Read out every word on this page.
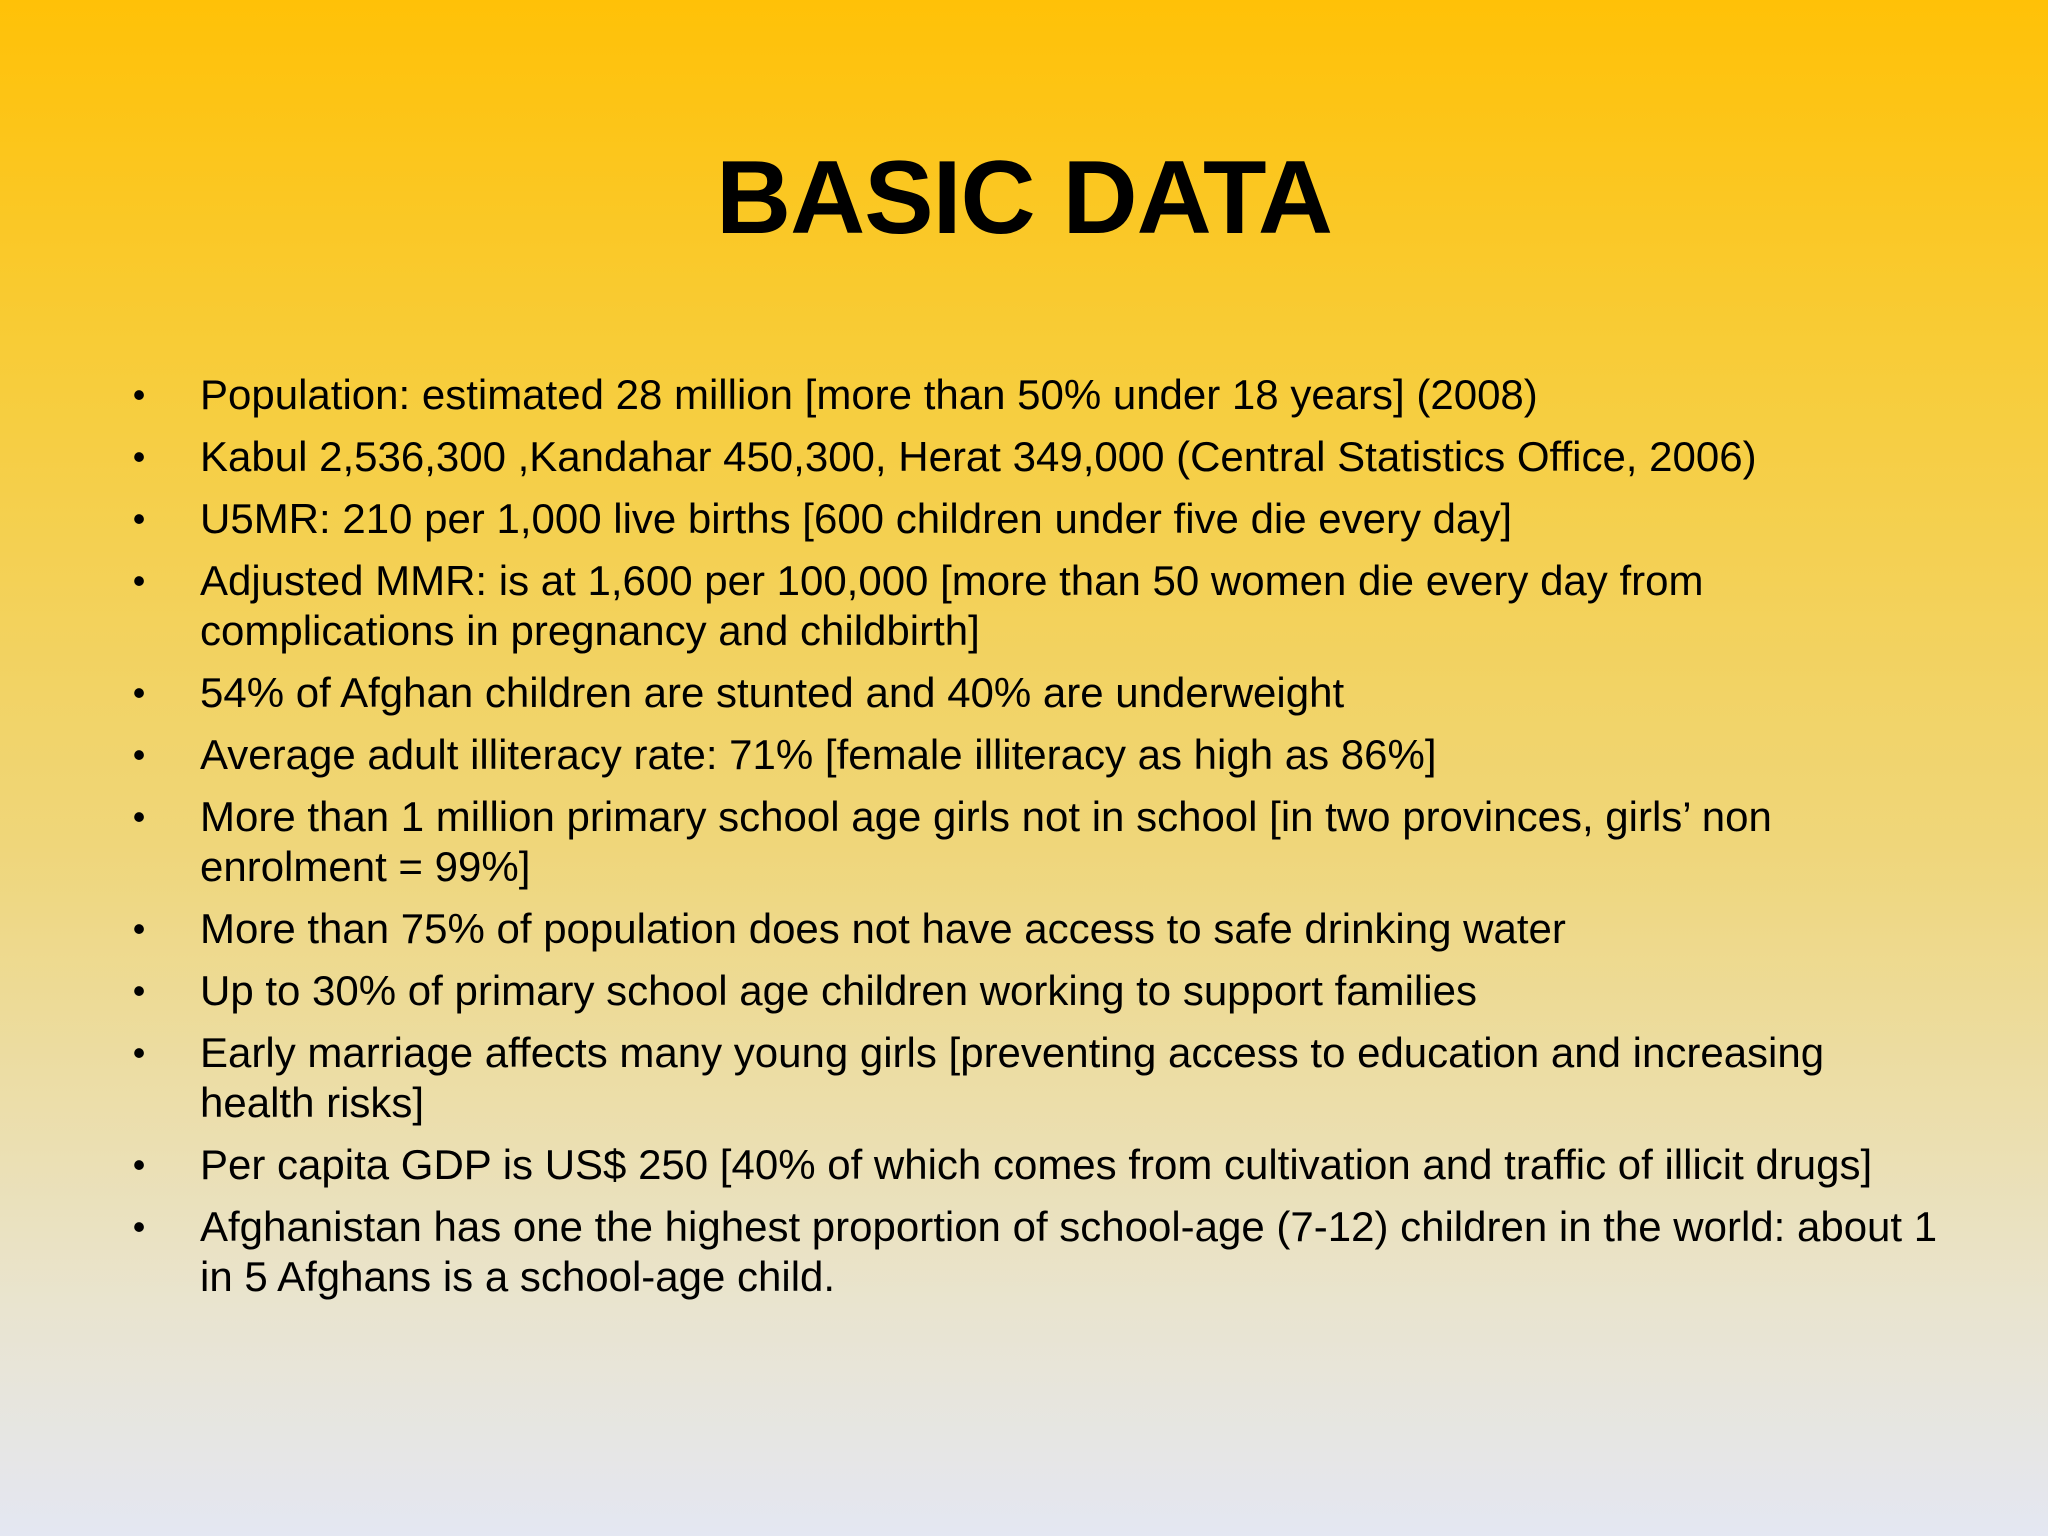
BASIC DATA
• Population: estimated 28 million [more than 50% under 18 years] (2008)
• Kabul 2,536,300 ,Kandahar 450,300, Herat 349,000 (Central Statistics Office, 2006)
• U5MR: 210 per 1,000 live births [600 children under five die every day]
• Adjusted MMR: is at 1,600 per 100,000 [more than 50 women die every day from complications in pregnancy and childbirth]
• 54% of Afghan children are stunted and 40% are underweight
• Average adult illiteracy rate: 71% [female illiteracy as high as 86%]
• More than 1 million primary school age girls not in school [in two provinces, girls’ non enrolment = 99%]
• More than 75% of population does not have access to safe drinking water
• Up to 30% of primary school age children working to support families
• Early marriage affects many young girls [preventing access to education and increasing health risks]
• Per capita GDP is US$ 250 [40% of which comes from cultivation and traffic of illicit drugs]
• Afghanistan has one the highest proportion of school-age (7-12) children in the world: about 1 in 5 Afghans is a school-age child.
